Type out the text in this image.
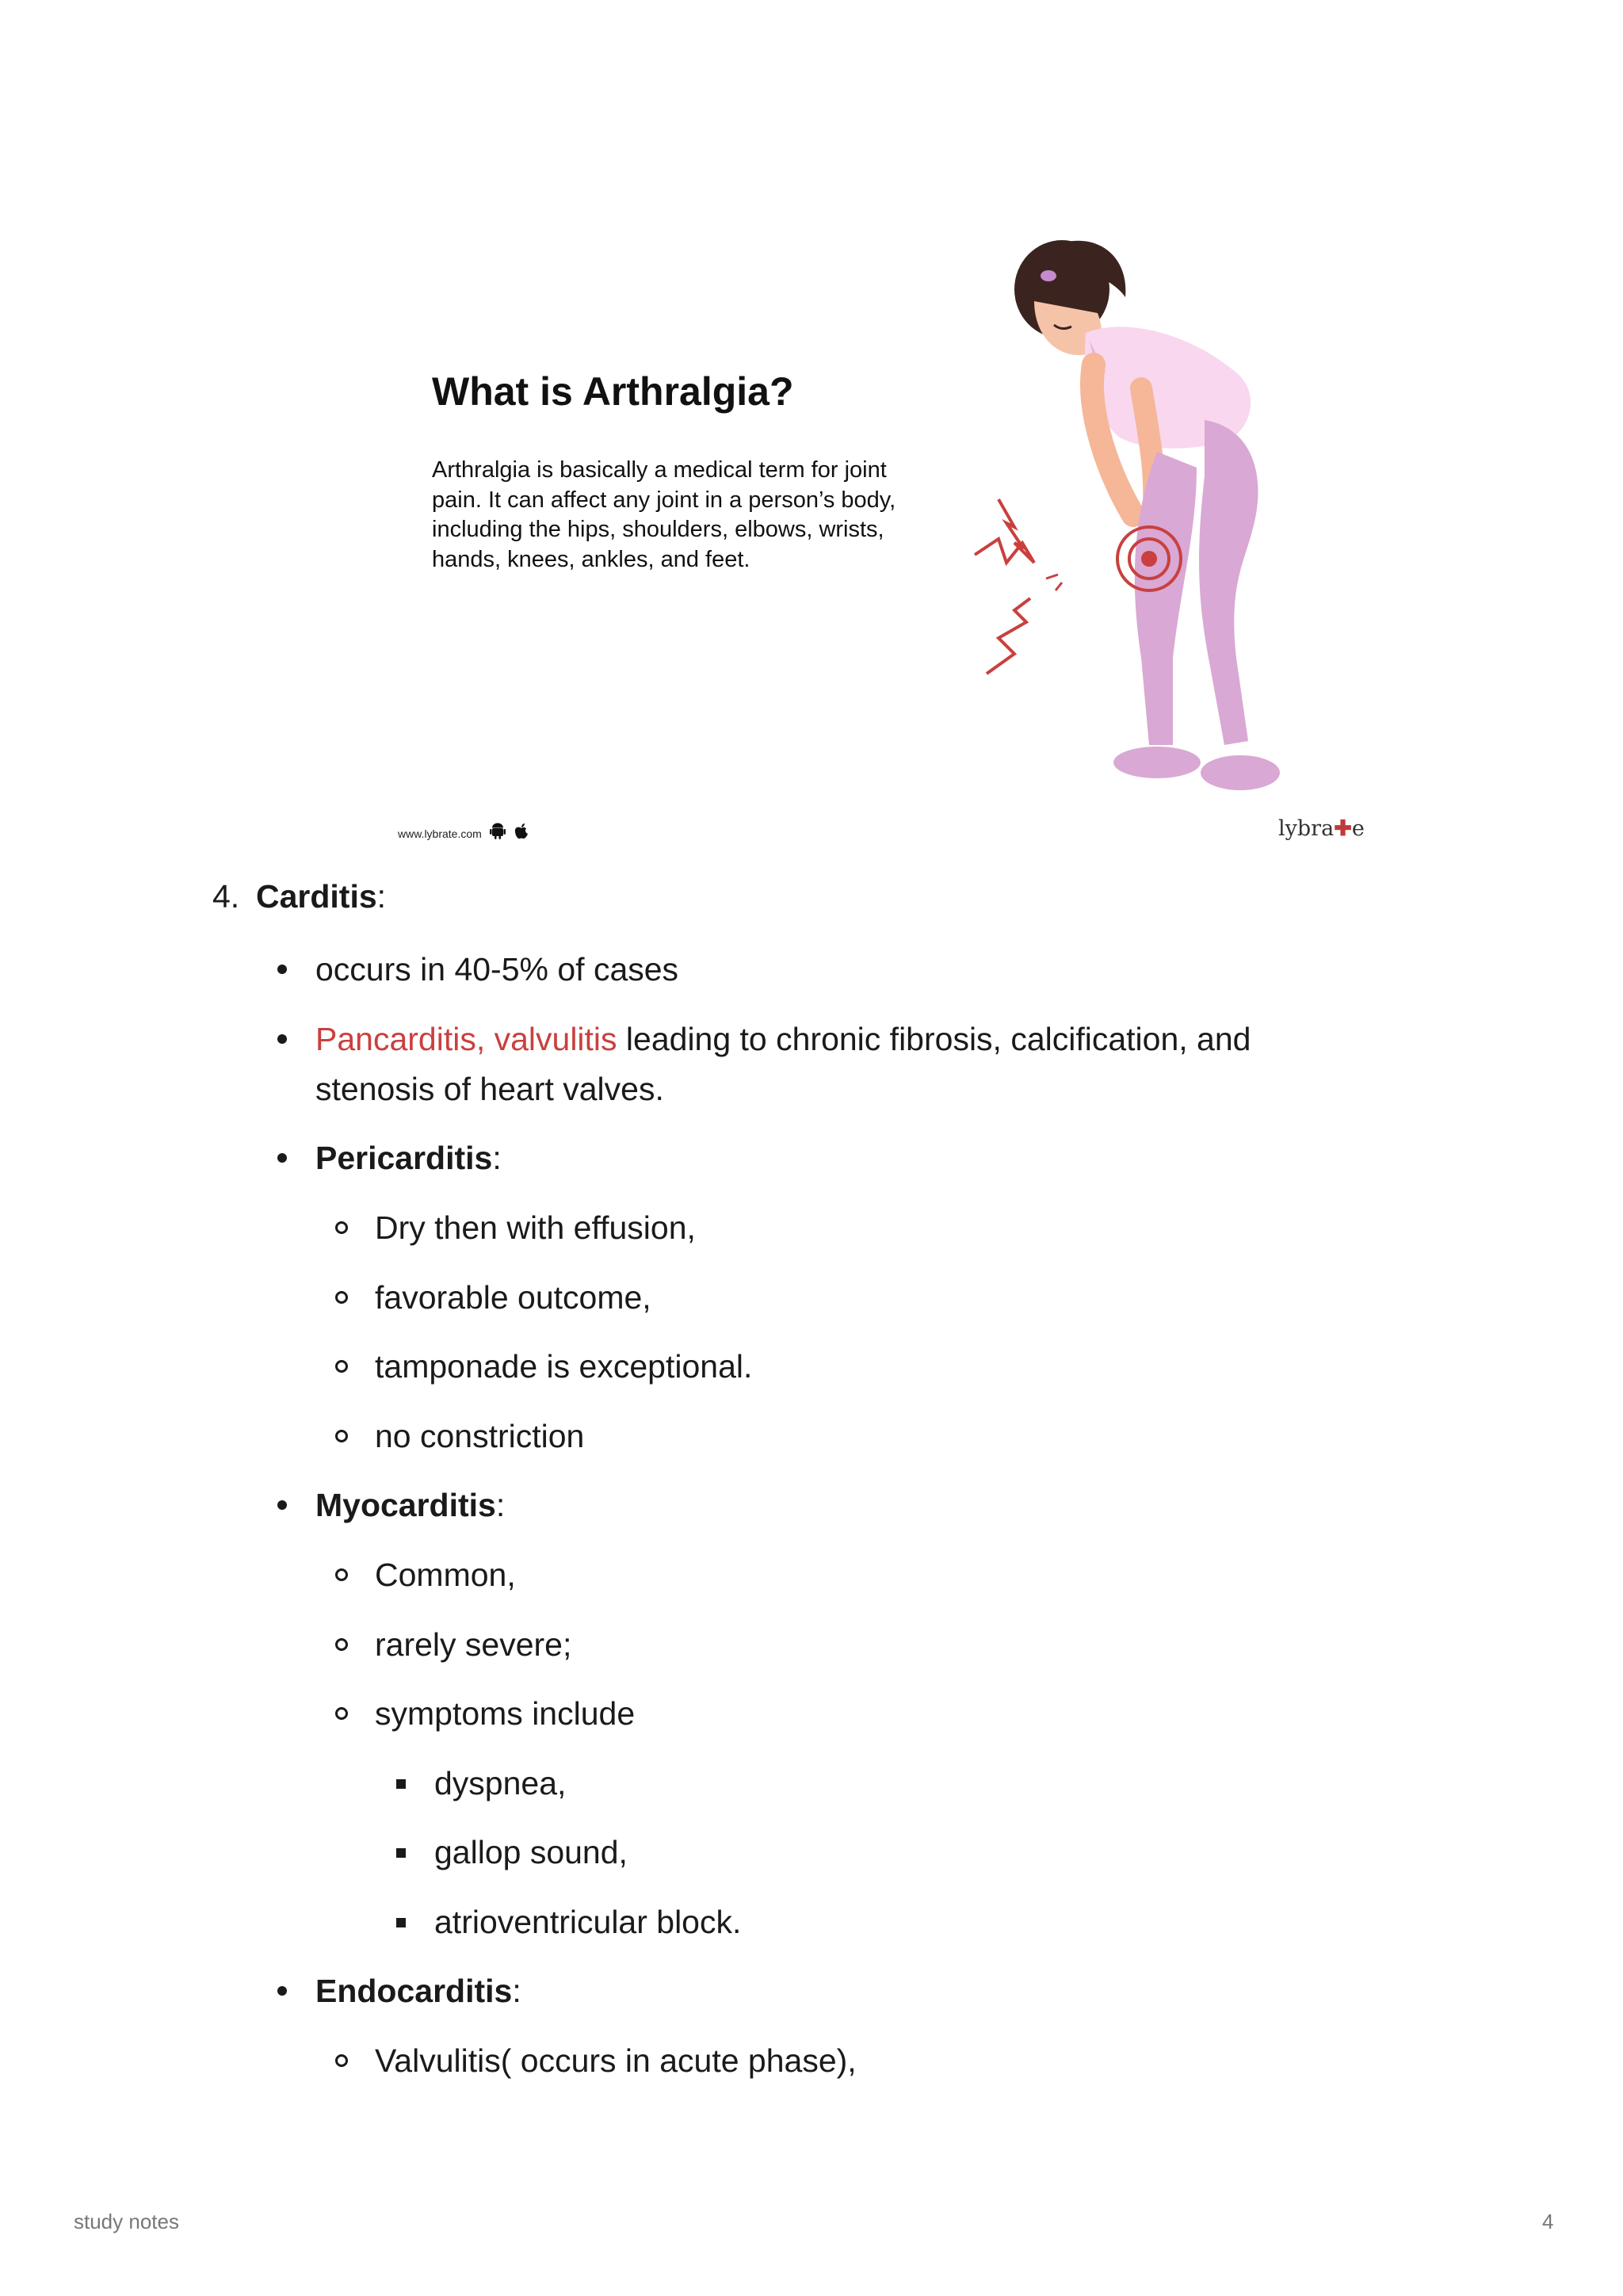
What is Arthralgia?
Arthralgia is basically a medical term for joint pain. It can affect any joint in a person’s body, including the hips, shoulders, elbows, wrists, hands, knees, ankles, and feet.
www.lybrate.com	lybra✚e
4. Carditis:
occurs in 40-5% of cases
Pancarditis, valvulitis leading to chronic fibrosis, calcification, and
stenosis of heart valves.
Pericarditis:
Dry then with effusion,
favorable outcome,
tamponade is exceptional.
no constriction
Myocarditis:
Common,
rarely severe;
symptoms include
dyspnea,
gallop sound,
atrioventricular block.
Endocarditis:
Valvulitis( occurs in acute phase),
study notes	4
